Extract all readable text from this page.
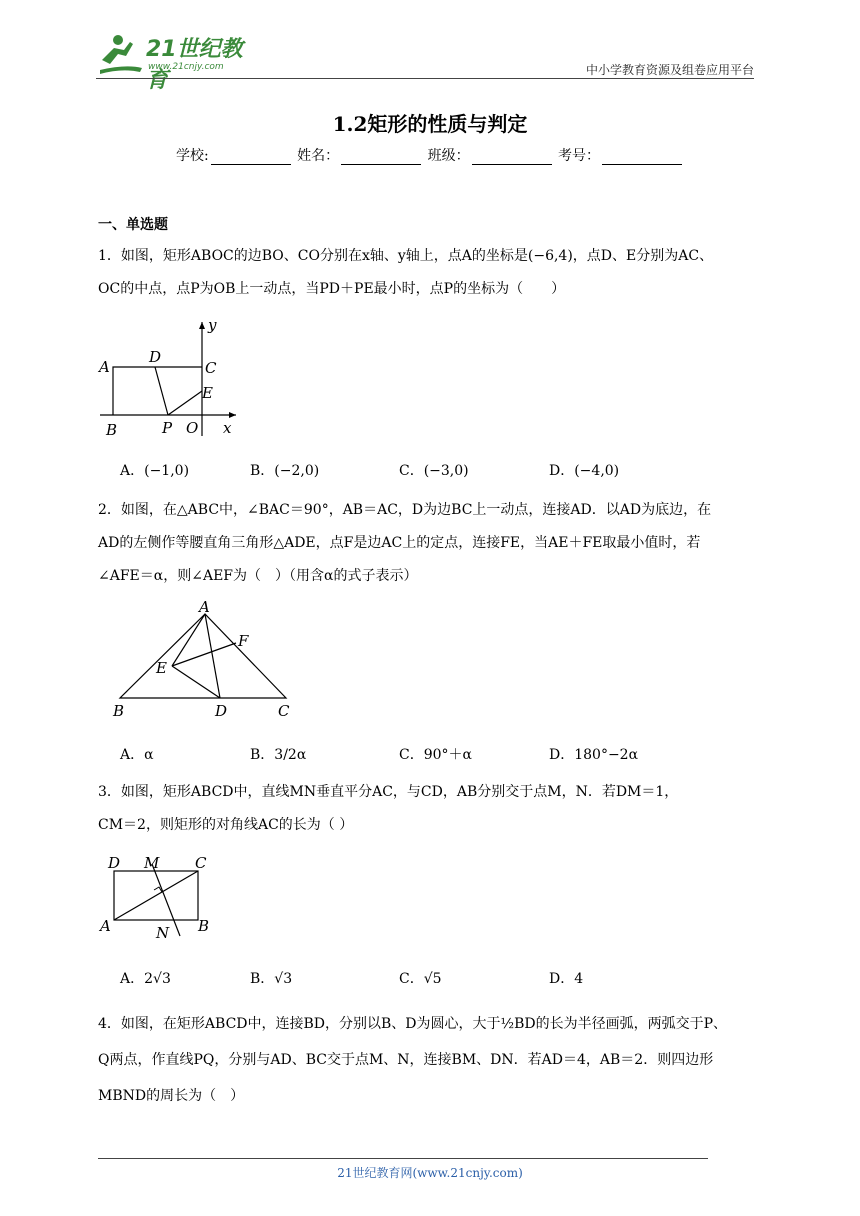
21世纪教育
www.21cnjy.com	中小学教育资源及组卷应用平台
1.2矩形的性质与判定
学校:	姓名：	班级：	考号：
一、单选题
1．如图，矩形ABOC的边BO、CO分别在x轴、y轴上，点A的坐标是(−6,4)，点D、E分别为AC、
OC的中点，点P为OB上一动点，当PD＋PE最小时，点P的坐标为（　　）
y
A
D
C
E
B	P O x
A．(−1,0)	B．(−2,0)	C．(−3,0)	D．(−4,0)
2．如图，在△ABC中，∠BAC＝90°，AB＝AC，D为边BC上一动点，连接AD．以AD为底边，在
AD的左侧作等腰直角三角形△ADE，点F是边AC上的定点，连接FE，当AE＋FE取最小值时，若
∠AFE＝α，则∠AEF为（　）（用含α的式子表示）
A
F
E
B	D	C
A．α	B．3/2α	C．90°＋α	D．180°−2α
3．如图，矩形ABCD中，直线MN垂直平分AC，与CD，AB分别交于点M，N．若DM＝1，
CM＝2，则矩形的对角线AC的长为（ ）
D M C
A	N B
A．2√3	B．√3	C．√5	D．4
4．如图，在矩形ABCD中，连接BD，分别以B、D为圆心，大于½BD的长为半径画弧，两弧交于P、
Q两点，作直线PQ，分别与AD、BC交于点M、N，连接BM、DN．若AD＝4，AB＝2．则四边形
MBND的周长为（　）
21世纪教育网(www.21cnjy.com)
